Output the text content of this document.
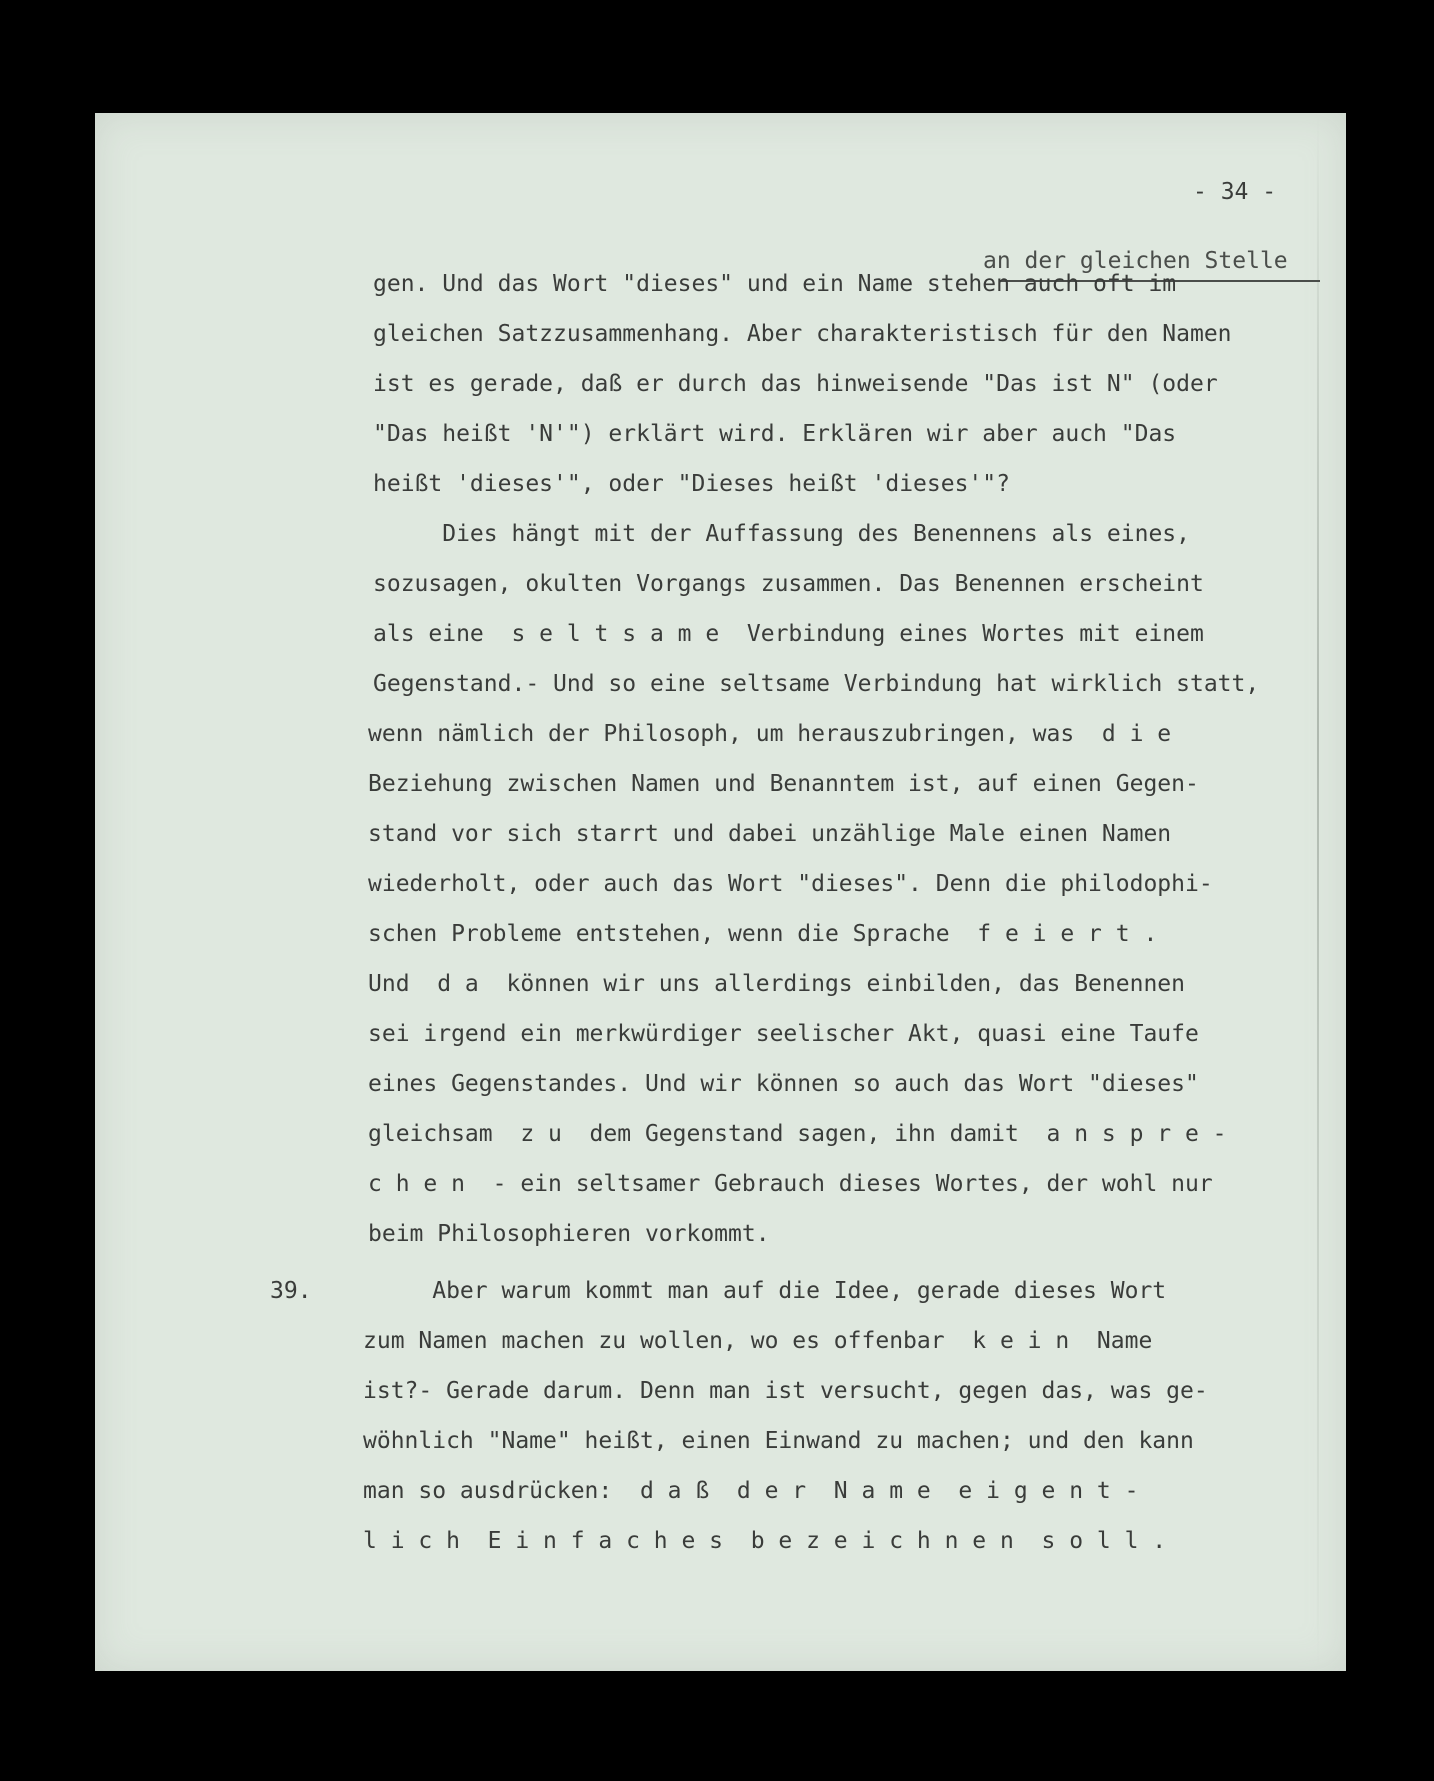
- 34 -
an der gleichen Stelle
gen. Und das Wort "dieses" und ein Name stehen auch oft im
gleichen Satzzusammenhang. Aber charakteristisch für den Namen
ist es gerade, daß er durch das hinweisende "Das ist N" (oder
"Das heißt 'N'") erklärt wird. Erklären wir aber auch "Das
heißt 'dieses'", oder "Dieses heißt 'dieses'"?
Dies hängt mit der Auffassung des Benennens als eines,
sozusagen, okulten Vorgangs zusammen. Das Benennen erscheint
als eine  s e l t s a m e  Verbindung eines Wortes mit einem
Gegenstand.- Und so eine seltsame Verbindung hat wirklich statt,
wenn nämlich der Philosoph, um herauszubringen, was  d i e
Beziehung zwischen Namen und Benanntem ist, auf einen Gegen-
stand vor sich starrt und dabei unzählige Male einen Namen
wiederholt, oder auch das Wort "dieses". Denn die philodophi-
schen Probleme entstehen, wenn die Sprache  f e i e r t .
Und  d a  können wir uns allerdings einbilden, das Benennen
sei irgend ein merkwürdiger seelischer Akt, quasi eine Taufe
eines Gegenstandes. Und wir können so auch das Wort "dieses"
gleichsam  z u  dem Gegenstand sagen, ihn damit  a n s p r e -
c h e n  - ein seltsamer Gebrauch dieses Wortes, der wohl nur
beim Philosophieren vorkommt.
39. Aber warum kommt man auf die Idee, gerade dieses Wort
zum Namen machen zu wollen, wo es offenbar  k e i n  Name
ist?- Gerade darum. Denn man ist versucht, gegen das, was ge-
wöhnlich "Name" heißt, einen Einwand zu machen; und den kann
man so ausdrücken:  d a ß  d e r  N a m e  e i g e n t -
l i c h  E i n f a c h e s  b e z e i c h n e n  s o l l .
